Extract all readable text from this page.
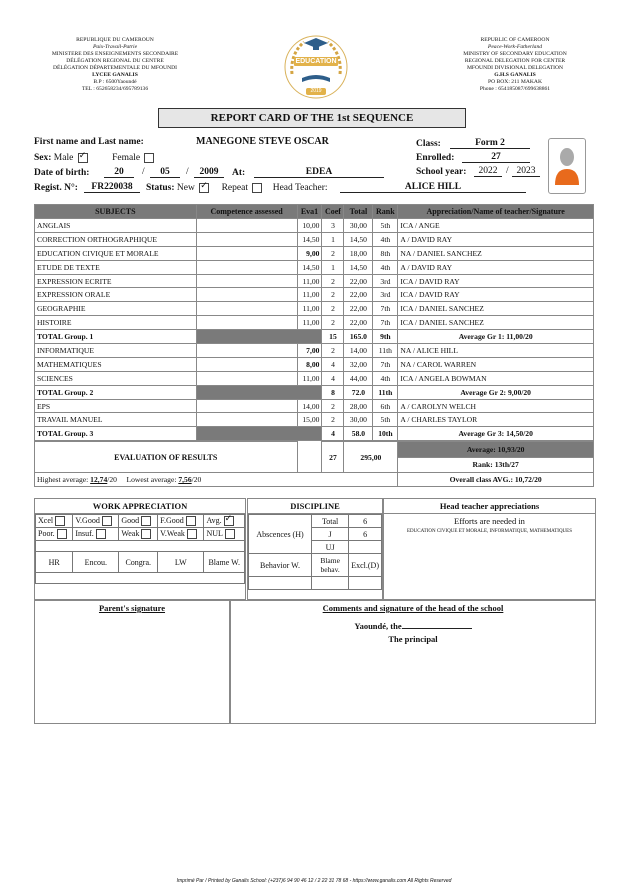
REPUBLIQUE DU CAMEROUN
Paix-Travail-Patrie
MINISTERE DES ENSEIGNEMENTS SECONDAIRE
DÉLÉGATION REGIONAL DU CENTRE
DÉLÉGATION DÉPARTEMENTALE DU MFOUNDI
LYCEE GANALIS
B.P : 6500Yaoundé
TEL : 652658234/695789136
EDUCATION
2019
REPUBLIC OF CAMEROON
Peace-Work-Fatherland
MINISTRY OF SECONDARY EDUCATION
REGIONAL DELEGATION FOR CENTER
MFOUNDI DIVISIONAL DELEGATION
G.H.S GANALIS
PO BOX: 211 MAKAK
Phone : 654185087/699638861
REPORT CARD OF THE 1st SEQUENCE
First name and Last name:	MANEGONE STEVE OSCAR	Class:	Form 2
Sex: Male ✓	Female	Enrolled:	27
Date of birth:	20	/	05	/	2009	At:	EDEA	School year:	2022 / 2023
Regist. N°:	FR220038	Status: New ✓	Repeat	Head Teacher:	ALICE HILL
SUBJECTS	Competence assessed	Eva1	Coef	Total	Rank	Appreciation/Name of teacher/Signature
ANGLAIS		10,00	3	30,00	5th	ICA / ANGE
CORRECTION ORTHOGRAPHIQUE		14,50	1	14,50	4th	A / DAVID RAY
EDUCATION CIVIQUE ET MORALE		9,00	2	18,00	8th	NA / DANIEL SANCHEZ
ETUDE DE TEXTE		14,50	1	14,50	4th	A / DAVID RAY
EXPRESSION ECRITE		11,00	2	22,00	3rd	ICA / DAVID RAY
EXPRESSION ORALE		11,00	2	22,00	3rd	ICA / DAVID RAY
GEOGRAPHIE		11,00	2	22,00	7th	ICA / DANIEL SANCHEZ
HISTOIRE		11,00	2	22,00	7th	ICA / DANIEL SANCHEZ
TOTAL Group. 1			15	165.0	9th	Average Gr 1: 11,00/20
INFORMATIQUE		7,00	2	14,00	11th	NA / ALICE HILL
MATHEMATIQUES		8,00	4	32,00	7th	NA / CAROL WARREN
SCIENCES		11,00	4	44,00	4th	ICA / ANGELA BOWMAN
TOTAL Group. 2			8	72.0	11th	Average Gr 2: 9,00/20
EPS		14,00	2	28,00	6th	A / CAROLYN WELCH
TRAVAIL MANUEL		15,00	2	30,00	5th	A / CHARLES TAYLOR
TOTAL Group. 3			4	58.0	10th	Average Gr 3: 14,50/20
EVALUATION OF RESULTS		27	295,00	Average: 10,93/20
				Rank: 13th/27
Highest average: 12,74/20 Lowest average: 7,56/20				Overall class AVG.: 10,72/20
WORK APPRECIATION
Xcel	V.Good	Good	F.Good	Avg.✓
Poor.	Insuf.	Weak	V.Weak	NUL

HR	Encou.	Congra.	LW	Blame W.

DISCIPLINE
Abscences (H)	Total	6
	J	6
	UJ	
Behavior W.	Blame behav.	Excl.(D)

Head teacher appreciations
Efforts are needed in
EDUCATION CIVIQUE ET MORALE, INFORMATIQUE, MATHEMATIQUES
Parent's signature	Comments and signature of the head of the school
Yaoundé, the
The principal
Imprimé Par / Printed by Ganalis School: (+237)6 94 90 46 12 / 2 22 31 78 68 - https://www.ganalis.com All Rights Reserved
